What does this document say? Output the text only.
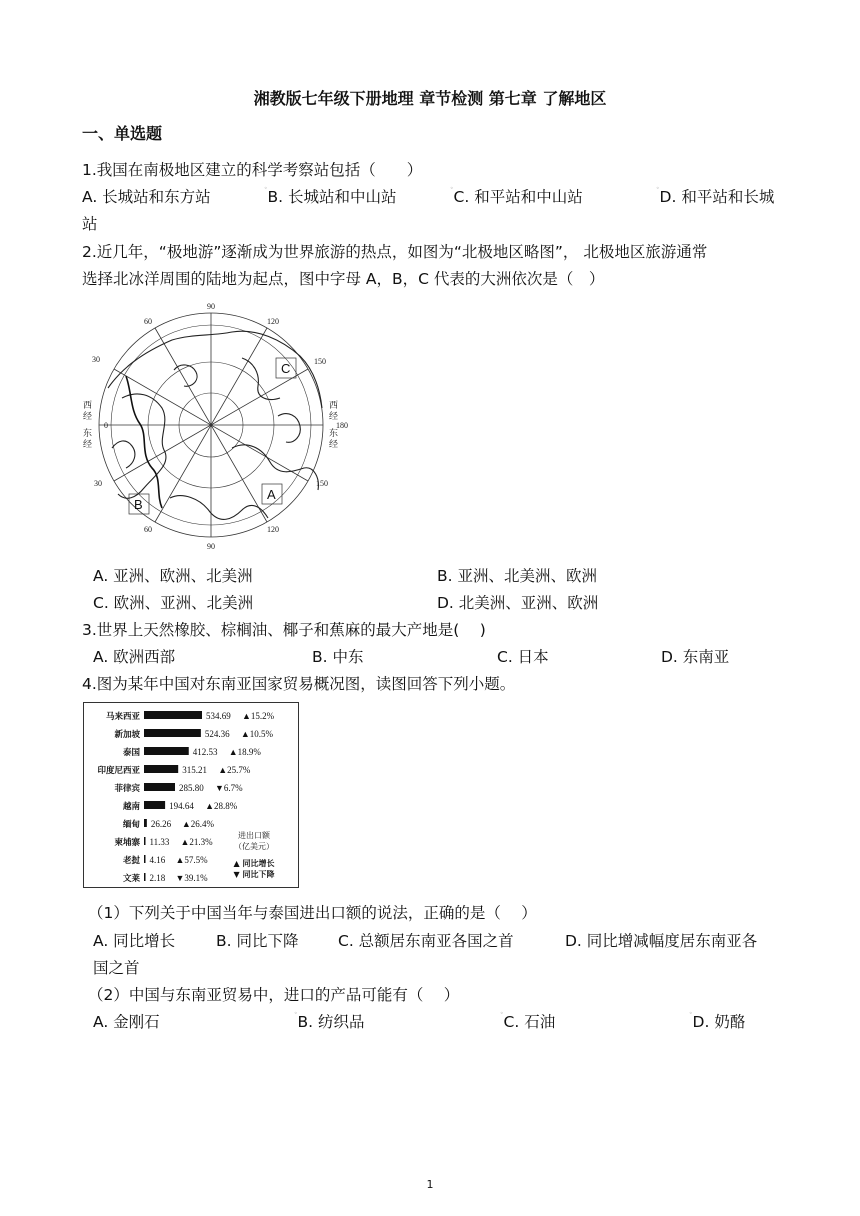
湘教版七年级下册地理 章节检测 第七章 了解地区
一、单选题
1.我国在南极地区建立的科学考察站包括（　　）
A. 长城站和东方站	◦B. 长城站和中山站	◦C. 和平站和中山站	◦D. 和平站和长城
站
2.近几年，“极地游”逐渐成为世界旅游的热点，如图为“北极地区略图”， 北极地区旅游通常
选择北冰洋周围的陆地为起点，图中字母 A，B，C 代表的大洲依次是（　）
90
90
60	120
60	120
30
30
150
150
0	180
西
经
东
经
西
经
东
经
C
A
B
A. 亚洲、欧洲、北美洲	B. 亚洲、北美洲、欧洲
C. 欧洲、亚洲、北美洲	D. 北美洲、亚洲、欧洲
3.世界上天然橡胶、棕榈油、椰子和蕉麻的最大产地是(　 )
A. 欧洲西部	B. 中东	C. 日本	D. 东南亚
4.图为某年中国对东南亚国家贸易概况图，读图回答下列小题。
马来西亚	534.69 ▲15.2%
新加坡	524.36 ▲10.5%
泰国	412.53 ▲18.9%
印度尼西亚	315.21 ▲25.7%
菲律宾	285.80 ▼6.7%
越南	194.64 ▲28.8%
缅甸 26.26 ▲26.4%
柬埔寨 11.33 ▲21.3%
老挝 4.16 ▲57.5%
文莱 2.18 ▼39.1%
进出口额
（亿美元）
▲ 同比增长
▼ 同比下降
（1）下列关于中国当年与泰国进出口额的说法，正确的是（　 ）
A. 同比增长	B. 同比下降	C. 总额居东南亚各国之首	D. 同比增减幅度居东南亚各
国之首
（2）中国与东南亚贸易中，进口的产品可能有（　 ）
A. 金刚石	◦B. 纺织品	◦C. 石油	◦D. 奶酪
1
